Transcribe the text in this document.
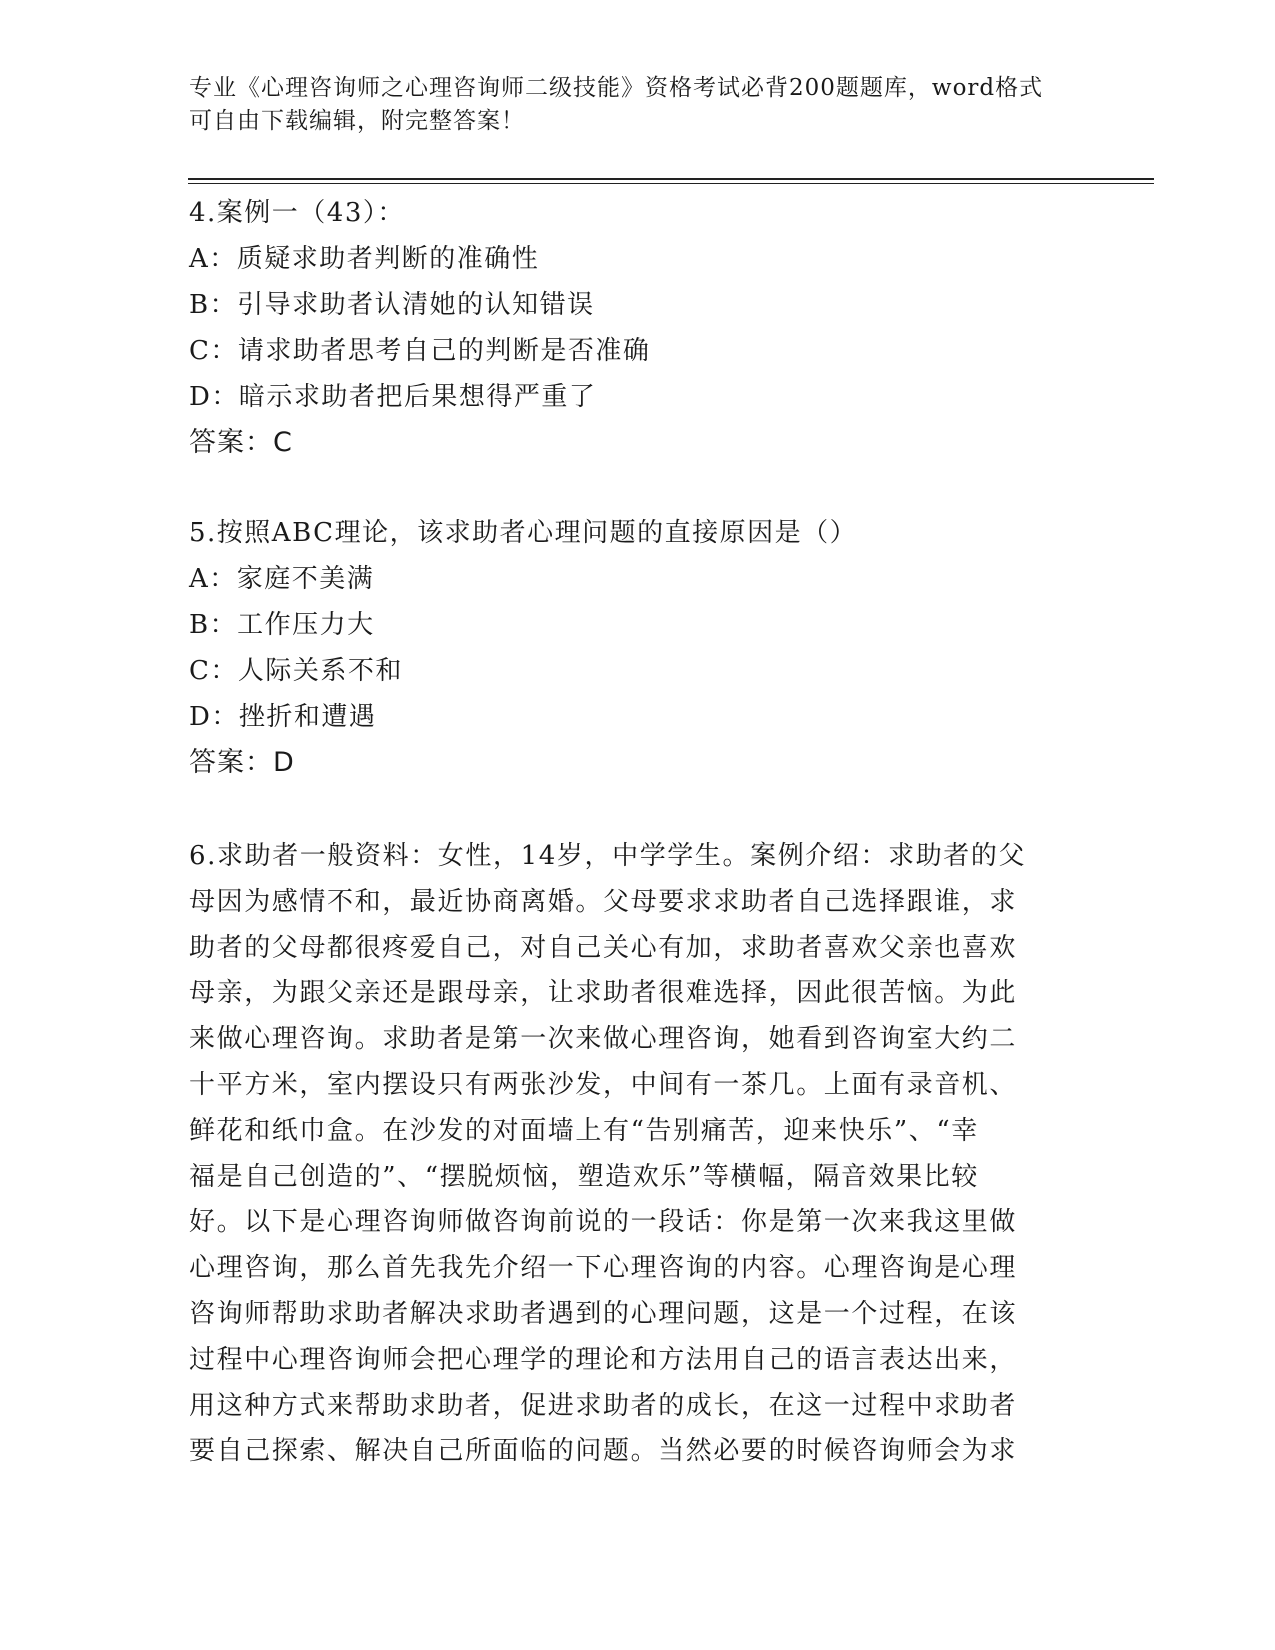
专业《心理咨询师之心理咨询师二级技能》资格考试必背200题题库，word格式
可自由下载编辑，附完整答案！
4.案例一（43）：
A：质疑求助者判断的准确性
B：引导求助者认清她的认知错误
C：请求助者思考自己的判断是否准确
D：暗示求助者把后果想得严重了
答案：C
5.按照ABC理论，该求助者心理问题的直接原因是（）
A：家庭不美满
B：工作压力大
C：人际关系不和
D：挫折和遭遇
答案：D
6.求助者一般资料：女性，14岁，中学学生。案例介绍：求助者的父
母因为感情不和，最近协商离婚。父母要求求助者自己选择跟谁，求
助者的父母都很疼爱自己，对自己关心有加，求助者喜欢父亲也喜欢
母亲，为跟父亲还是跟母亲，让求助者很难选择，因此很苦恼。为此
来做心理咨询。求助者是第一次来做心理咨询，她看到咨询室大约二
十平方米，室内摆设只有两张沙发，中间有一茶几。上面有录音机、
鲜花和纸巾盒。在沙发的对面墙上有“告别痛苦，迎来快乐”、“幸
福是自己创造的”、“摆脱烦恼，塑造欢乐”等横幅，隔音效果比较
好。以下是心理咨询师做咨询前说的一段话：你是第一次来我这里做
心理咨询，那么首先我先介绍一下心理咨询的内容。心理咨询是心理
咨询师帮助求助者解决求助者遇到的心理问题，这是一个过程，在该
过程中心理咨询师会把心理学的理论和方法用自己的语言表达出来，
用这种方式来帮助求助者，促进求助者的成长，在这一过程中求助者
要自己探索、解决自己所面临的问题。当然必要的时候咨询师会为求
